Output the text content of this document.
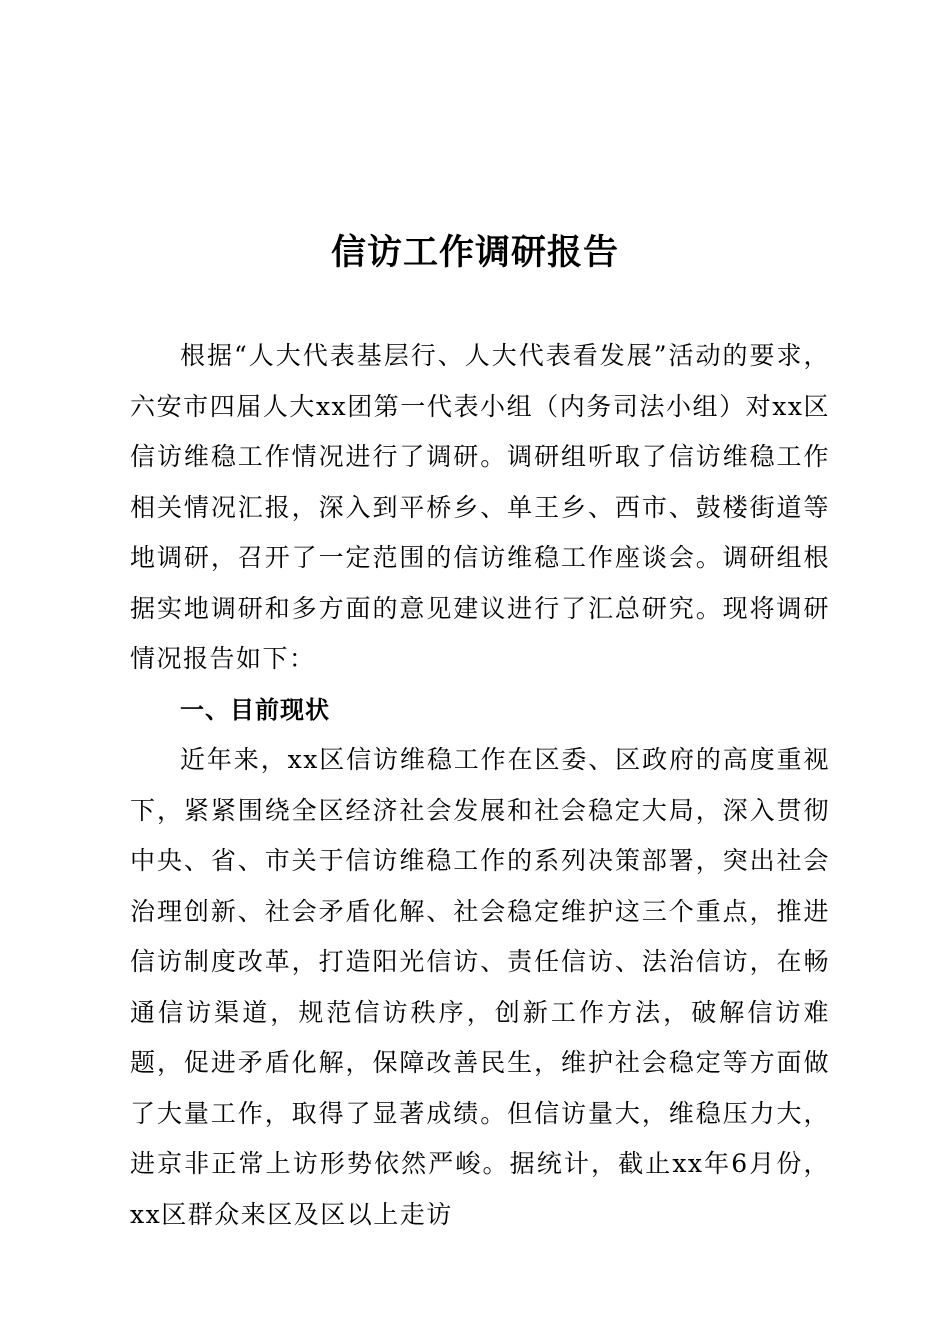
信访工作调研报告

根据“人大代表基层行、人大代表看发展”活动的要求，六安市四届人大xx团第一代表小组（内务司法小组）对xx区信访维稳工作情况进行了调研。调研组听取了信访维稳工作相关情况汇报，深入到平桥乡、单王乡、西市、鼓楼街道等地调研，召开了一定范围的信访维稳工作座谈会。调研组根据实地调研和多方面的意见建议进行了汇总研究。现将调研情况报告如下：

一、目前现状

近年来，xx区信访维稳工作在区委、区政府的高度重视下，紧紧围绕全区经济社会发展和社会稳定大局，深入贯彻中央、省、市关于信访维稳工作的系列决策部署，突出社会治理创新、社会矛盾化解、社会稳定维护这三个重点，推进信访制度改革，打造阳光信访、责任信访、法治信访，在畅通信访渠道，规范信访秩序，创新工作方法，破解信访难题，促进矛盾化解，保障改善民生，维护社会稳定等方面做了大量工作，取得了显著成绩。但信访量大，维稳压力大，进京非正常上访形势依然严峻。据统计，截止xx年6月份，xx区群众来区及区以上走访
